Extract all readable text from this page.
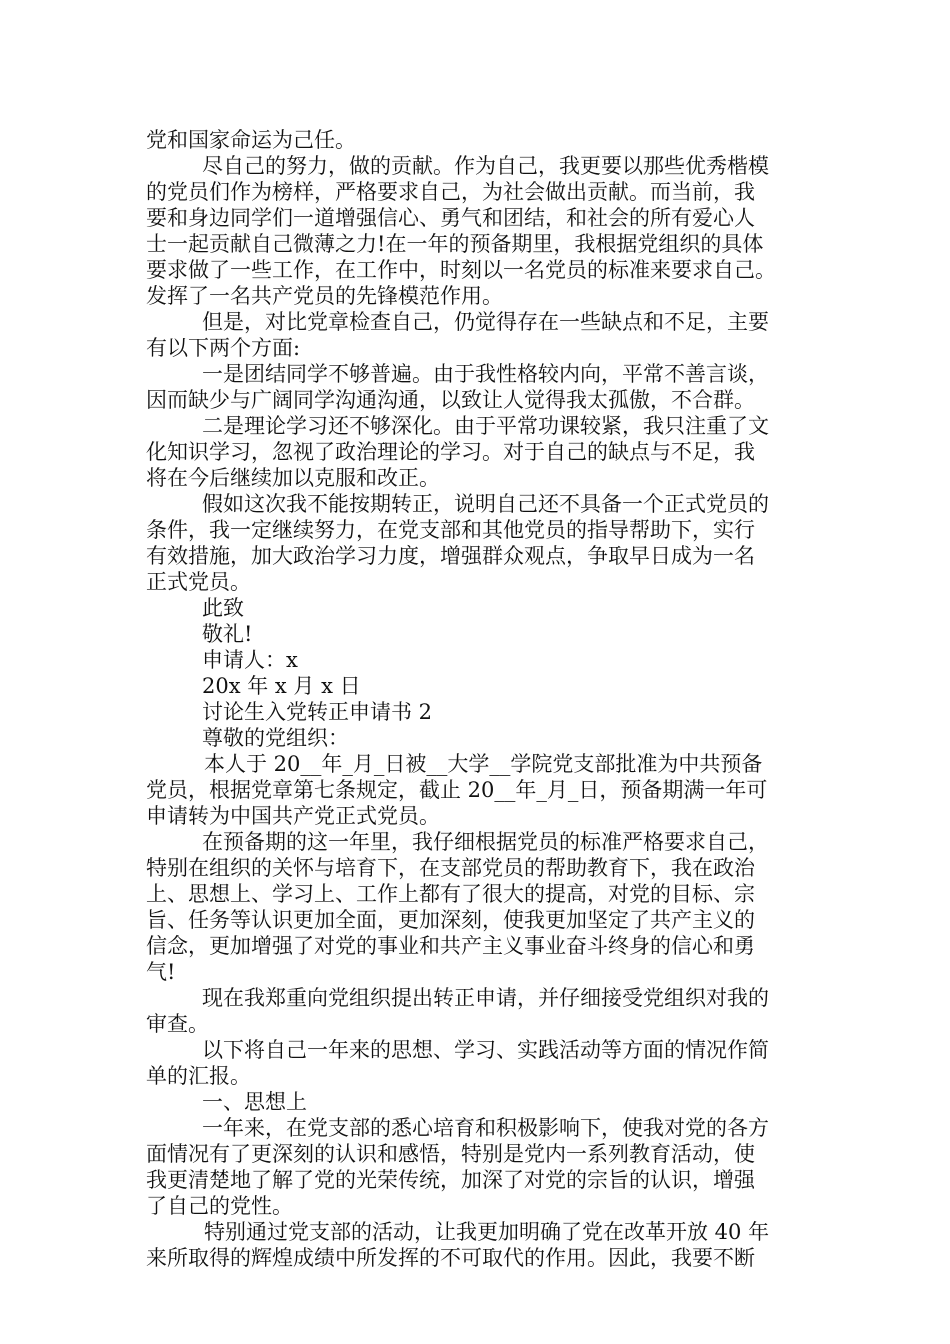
党和国家命运为己任。
尽自己的努力，做的贡献。作为自己，我更要以那些优秀楷模
的党员们作为榜样，严格要求自己，为社会做出贡献。而当前，我
要和身边同学们一道增强信心、勇气和团结，和社会的所有爱心人
士一起贡献自己微薄之力!在一年的预备期里，我根据党组织的具体
要求做了一些工作，在工作中，时刻以一名党员的标准来要求自己。
发挥了一名共产党员的先锋模范作用。
但是，对比党章检查自己，仍觉得存在一些缺点和不足，主要
有以下两个方面:
一是团结同学不够普遍。由于我性格较内向，平常不善言谈，
因而缺少与广阔同学沟通沟通，以致让人觉得我太孤傲，不合群。
二是理论学习还不够深化。由于平常功课较紧，我只注重了文
化知识学习，忽视了政治理论的学习。对于自己的缺点与不足，我
将在今后继续加以克服和改正。
假如这次我不能按期转正，说明自己还不具备一个正式党员的
条件，我一定继续努力，在党支部和其他党员的指导帮助下，实行
有效措施，加大政治学习力度，增强群众观点，争取早日成为一名
正式党员。
此致
敬礼!
申请人：x
20x 年 x 月 x 日
讨论生入党转正申请书 2
尊敬的党组织：
本人于 20__年_月_日被__大学__学院党支部批准为中共预备
党员，根据党章第七条规定，截止 20__年_月_日，预备期满一年可
申请转为中国共产党正式党员。
在预备期的这一年里，我仔细根据党员的标准严格要求自己，
特别在组织的关怀与培育下，在支部党员的帮助教育下，我在政治
上、思想上、学习上、工作上都有了很大的提高，对党的目标、宗
旨、任务等认识更加全面，更加深刻，使我更加坚定了共产主义的
信念，更加增强了对党的事业和共产主义事业奋斗终身的信心和勇
气!
现在我郑重向党组织提出转正申请，并仔细接受党组织对我的
审查。
以下将自己一年来的思想、学习、实践活动等方面的情况作简
单的汇报。
一、思想上
一年来，在党支部的悉心培育和积极影响下，使我对党的各方
面情况有了更深刻的认识和感悟，特别是党内一系列教育活动，使
我更清楚地了解了党的光荣传统，加深了对党的宗旨的认识，增强
了自己的党性。
特别通过党支部的活动，让我更加明确了党在改革开放 40 年
来所取得的辉煌成绩中所发挥的不可取代的作用。因此，我要不断
